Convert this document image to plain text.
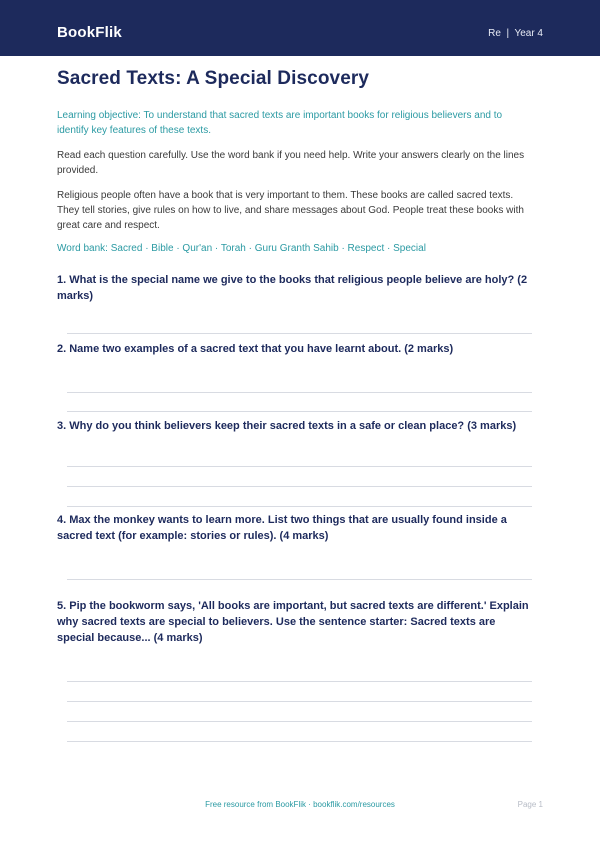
BookFlik	Re | Year 4
Sacred Texts: A Special Discovery

Learning objective: To understand that sacred texts are important books for religious believers and to identify key features of these texts.

Read each question carefully. Use the word bank if you need help. Write your answers clearly on the lines provided.

Religious people often have a book that is very important to them. These books are called sacred texts. They tell stories, give rules on how to live, and share messages about God. People treat these books with great care and respect.

Word bank: Sacred · Bible · Qur'an · Torah · Guru Granth Sahib · Respect · Special

1. What is the special name we give to the books that religious people believe are holy? (2 marks)

2. Name two examples of a sacred text that you have learnt about. (2 marks)

3. Why do you think believers keep their sacred texts in a safe or clean place? (3 marks)

4. Max the monkey wants to learn more. List two things that are usually found inside a sacred text (for example: stories or rules). (4 marks)

5. Pip the bookworm says, 'All books are important, but sacred texts are different.' Explain why sacred texts are special to believers. Use the sentence starter: Sacred texts are special because... (4 marks)

Free resource from BookFlik · bookflik.com/resources	Page 1
